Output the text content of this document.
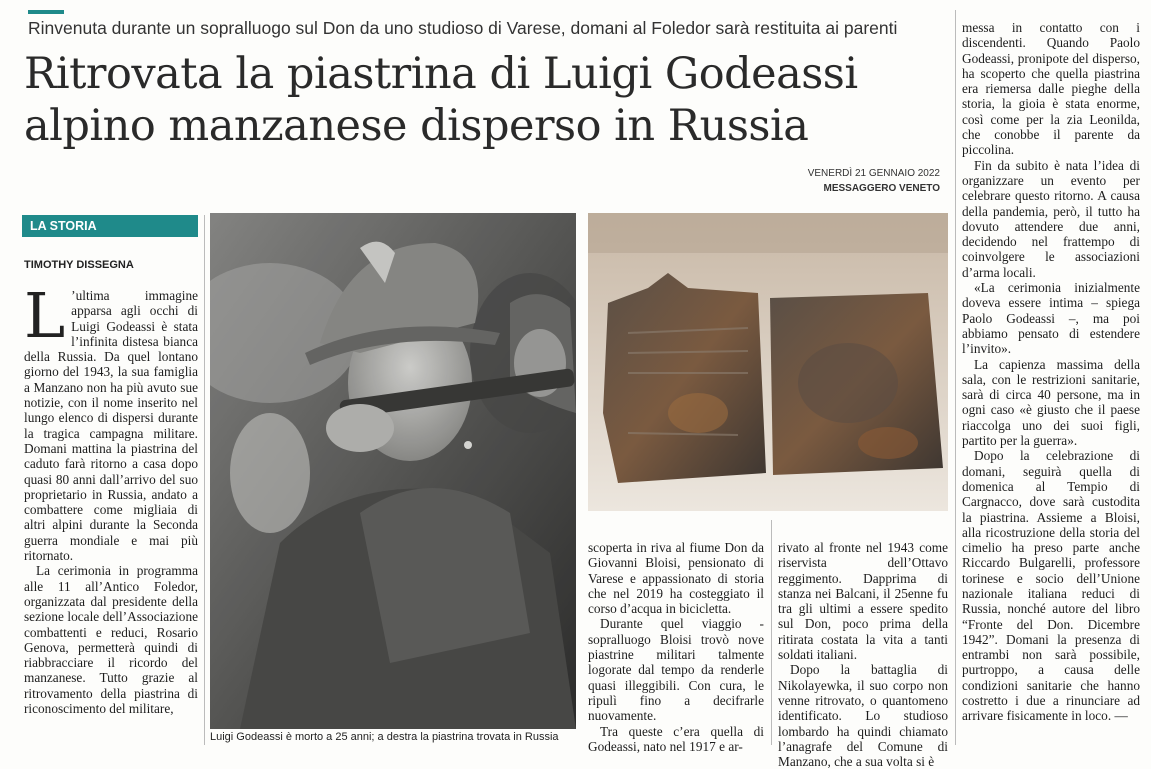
Rinvenuta durante un sopralluogo sul Don da uno studioso di Varese, domani al Foledor sarà restituita ai parenti
Ritrovata la piastrina di Luigi Godeassi
alpino manzanese disperso in Russia
VENERDÌ 21 GENNAIO 2022
MESSAGGERO VENETO
LA STORIA
TIMOTHY DISSEGNA
L ’ultima immagine apparsa agli occhi di Luigi Godeassi è stata l’infinita distesa bianca della Russia. Da quel lontano giorno del 1943, la sua famiglia a Manzano non ha più avuto sue notizie, con il nome inserito nel lungo elenco di dispersi durante la tragica campagna militare. Domani mattina la piastrina del caduto farà ritorno a casa dopo quasi 80 anni dall’arrivo del suo proprietario in Russia, andato a combattere come migliaia di altri alpini durante la Seconda guerra mondiale e mai più ritornato.

La cerimonia in programma alle 11 all’Antico Foledor, organizzata dal presidente della sezione locale dell’Associazione combattenti e reduci, Rosario Genova, permetterà quindi di riabbracciare il ricordo del manzanese. Tutto grazie al ritrovamento della piastrina di riconoscimento del militare,

Luigi Godeassi è morto a 25 anni; a destra la piastrina trovata in Russia

scoperta in riva al fiume Don da Giovanni Bloisi, pensionato di Varese e appassionato di storia che nel 2019 ha costeggiato il corso d’acqua in bicicletta.

Durante quel viaggio - sopralluogo Bloisi trovò nove piastrine militari talmente logorate dal tempo da renderle quasi illeggibili. Con cura, le ripulì fino a decifrarle nuovamente.

Tra queste c’era quella di Godeassi, nato nel 1917 e ar-

rivato al fronte nel 1943 come riservista dell’Ottavo reggimento. Dapprima di stanza nei Balcani, il 25enne fu tra gli ultimi a essere spedito sul Don, poco prima della ritirata costata la vita a tanti soldati italiani.

Dopo la battaglia di Nikolayewka, il suo corpo non venne ritrovato, o quantomeno identificato. Lo studioso lombardo ha quindi chiamato l’anagrafe del Comune di Manzano, che a sua volta si è

messa in contatto con i discendenti. Quando Paolo Godeassi, pronipote del disperso, ha scoperto che quella piastrina era riemersa dalle pieghe della storia, la gioia è stata enorme, così come per la zia Leonilda, che conobbe il parente da piccolina.

Fin da subito è nata l’idea di organizzare un evento per celebrare questo ritorno. A causa della pandemia, però, il tutto ha dovuto attendere due anni, decidendo nel frattempo di coinvolgere le associazioni d’arma locali.

«La cerimonia inizialmente doveva essere intima – spiega Paolo Godeassi –, ma poi abbiamo pensato di estendere l’invito».

La capienza massima della sala, con le restrizioni sanitarie, sarà di circa 40 persone, ma in ogni caso «è giusto che il paese riaccolga uno dei suoi figli, partito per la guerra».

Dopo la celebrazione di domani, seguirà quella di domenica al Tempio di Cargnacco, dove sarà custodita la piastrina. Assieme a Bloisi, alla ricostruzione della storia del cimelio ha preso parte anche Riccardo Bulgarelli, professore torinese e socio dell’Unione nazionale italiana reduci di Russia, nonché autore del libro “Fronte del Don. Dicembre 1942”. Domani la presenza di entrambi non sarà possibile, purtroppo, a causa delle condizioni sanitarie che hanno costretto i due a rinunciare ad arrivare fisicamente in loco. —
